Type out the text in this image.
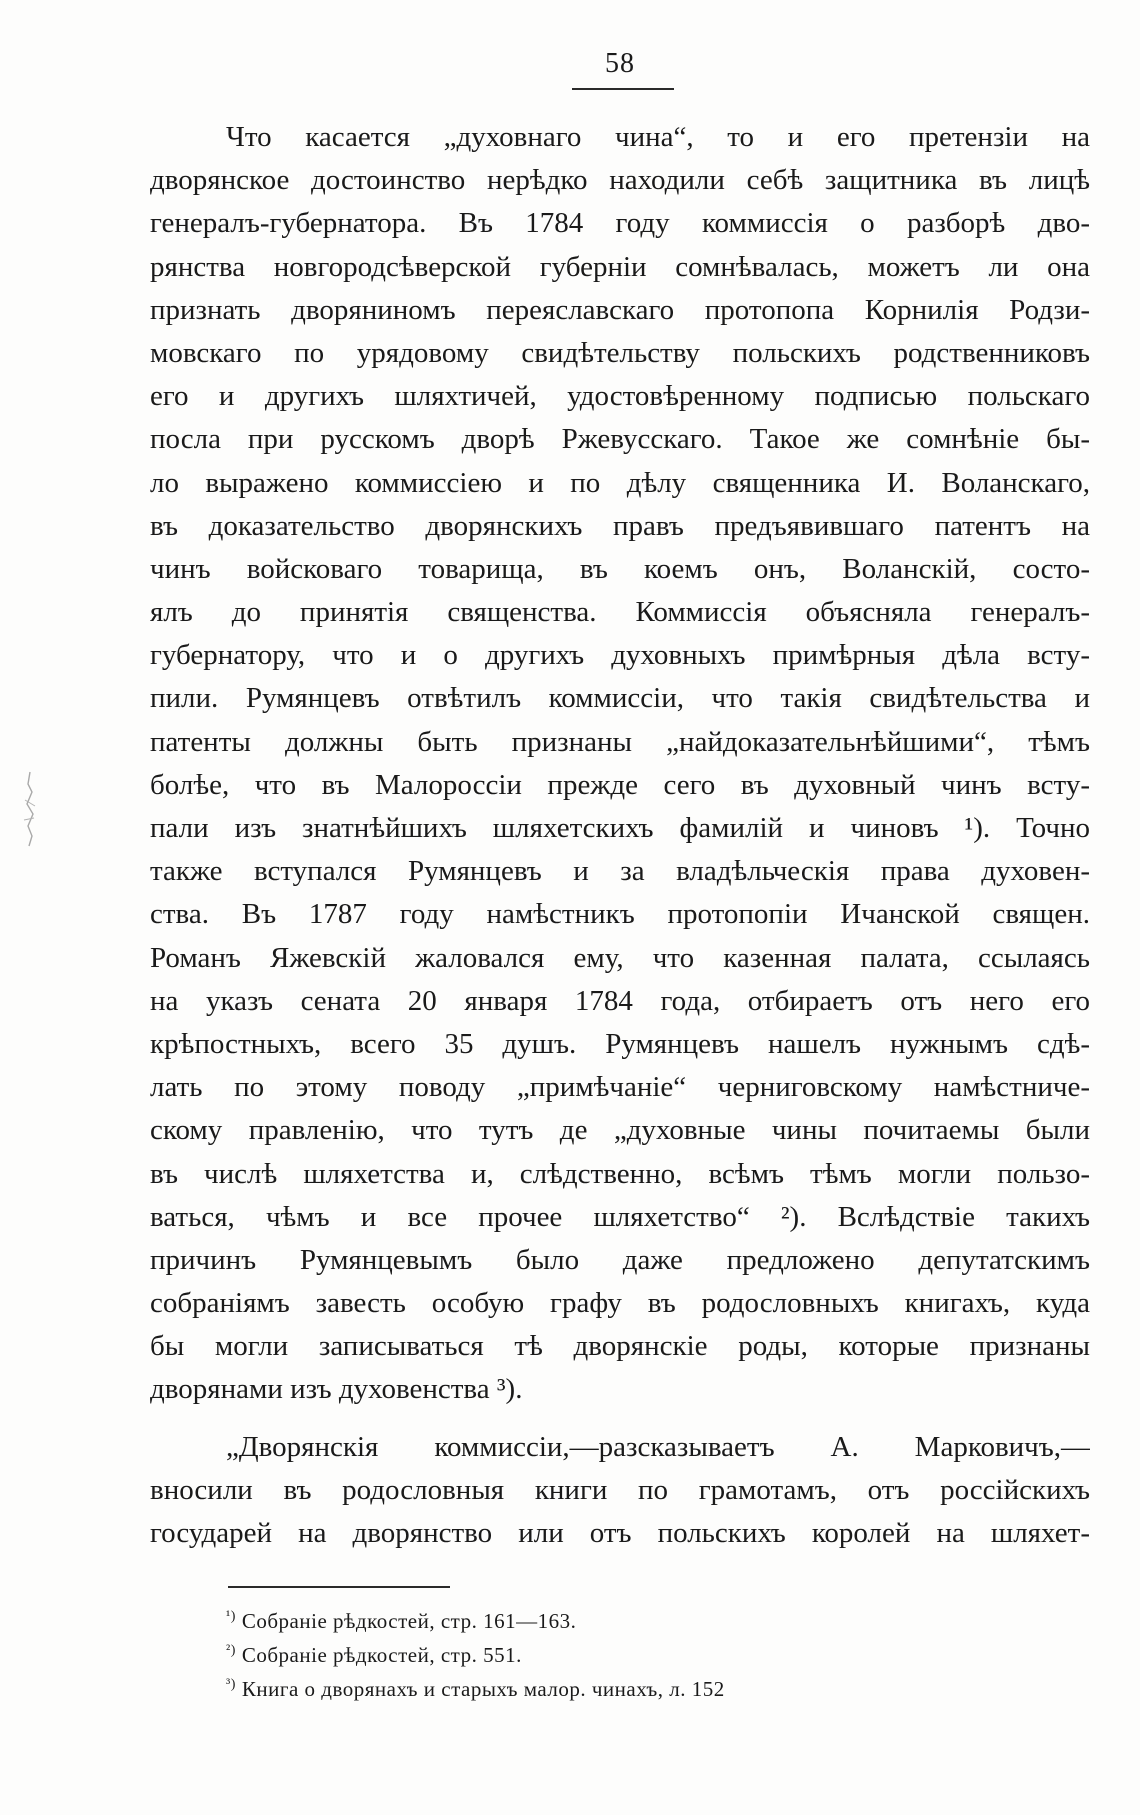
58
Что касается „духовнаго чина“, то и его претензіи на
дворянское достоинство нерѣдко находили себѣ защитника въ лицѣ
генералъ-губернатора. Въ 1784 году коммиссія о разборѣ дво-
рянства новгородсѣверской губерніи сомнѣвалась, можетъ ли она
признать дворяниномъ переяславскаго протопопа Корнилія Родзи-
мовскаго по урядовому свидѣтельству польскихъ родственниковъ
его и другихъ шляхтичей, удостовѣренному подписью польскаго
посла при русскомъ дворѣ Ржевусскаго. Такое же сомнѣніе бы-
ло выражено коммиссіею и по дѣлу священника И. Воланскаго,
въ доказательство дворянскихъ правъ предъявившаго патентъ на
чинъ войсковаго товарища, въ коемъ онъ, Воланскій, состо-
ялъ до принятія священства. Коммиссія объясняла генералъ-
губернатору, что и о другихъ духовныхъ примѣрныя дѣла всту-
пили. Румянцевъ отвѣтилъ коммиссіи, что такія свидѣтельства и
патенты должны быть признаны „найдоказательнѣйшими“, тѣмъ
болѣе, что въ Малороссіи прежде сего въ духовный чинъ всту-
пали изъ знатнѣйшихъ шляхетскихъ фамилій и чиновъ ¹). Точно
также вступался Румянцевъ и за владѣльческія права духовен-
ства. Въ 1787 году намѣстникъ протопопіи Ичанской священ.
Романъ Яжевскій жаловался ему, что казенная палата, ссылаясь
на указъ сената 20 января 1784 года, отбираетъ отъ него его
крѣпостныхъ, всего 35 душъ. Румянцевъ нашелъ нужнымъ сдѣ-
лать по этому поводу „примѣчаніе“ черниговскому намѣстниче-
скому правленію, что тутъ де „духовные чины почитаемы были
въ числѣ шляхетства и, слѣдственно, всѣмъ тѣмъ могли пользо-
ваться, чѣмъ и все прочее шляхетство“ ²). Вслѣдствіе такихъ
причинъ Румянцевымъ было даже предложено депутатскимъ
собраніямъ завесть особую графу въ родословныхъ книгахъ, куда
бы могли записываться тѣ дворянскіе роды, которые признаны
дворянами изъ духовенства ³).
„Дворянскія коммиссіи,—разсказываетъ А. Марковичъ,—
вносили въ родословныя книги по грамотамъ, отъ россійскихъ
государей на дворянство или отъ польскихъ королей на шляхет-
$^{^1)}$ Собраніе рѣдкостей, стр. 161—163.
$^{^2)}$ Собраніе рѣдкостей, стр. 551.
$^{^3)}$ Книга о дворянахъ и старыхъ малор. чинахъ, л. 152
